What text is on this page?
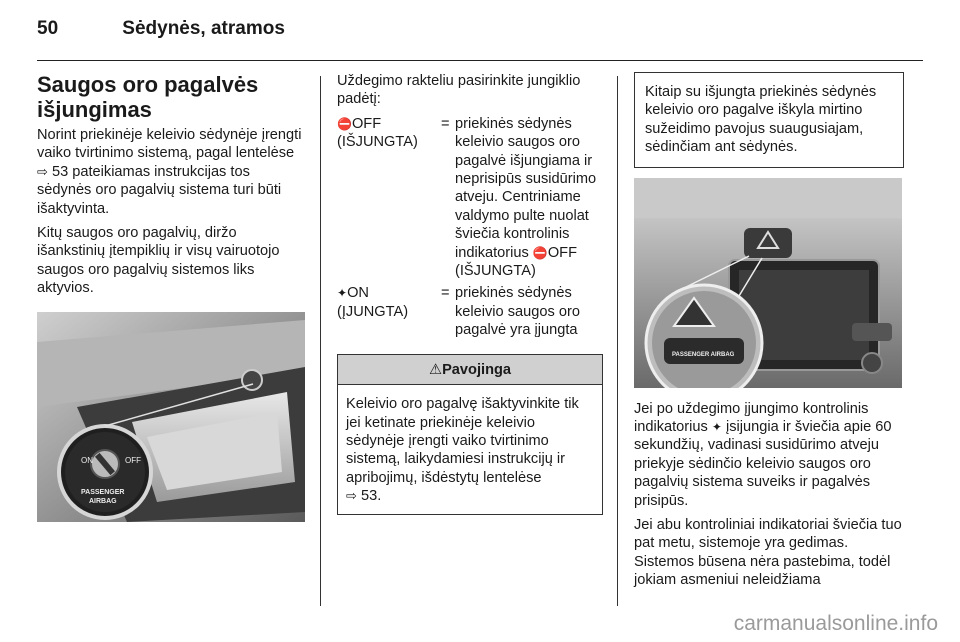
50	Sėdynės, atramos
Saugos oro pagalvės išjungimas

Norint priekinėje keleivio sėdynėje įrengti vaiko tvirtinimo sistemą, pagal lentelėse ⇨ 53 pateikiamas instrukcijas tos sėdynės oro pagalvių sistema turi būti išaktyvinta.

Kitų saugos oro pagalvių, diržo išankstinių įtempiklių ir visų vairuotojo saugos oro pagalvių sistemos liks aktyvios.

ON	OFF
PASSENGER
AIRBAG

Uždegimo rakteliu pasirinkite jungiklio padėtį:

⛔OFF
(IŠJUNGTA)
= priekinės sėdynės keleivio saugos oro pagalvė išjungiama ir neprisipūs susidūrimo atveju. Centriniame valdymo pulte nuolat šviečia kontrolinis indikatorius ⛔OFF (IŠJUNGTA)
✦ON
(ĮJUNGTA)
= priekinės sėdynės keleivio saugos oro pagalvė yra įjungta
⚠Pavojinga
Keleivio oro pagalvę išaktyvinkite tik jei ketinate priekinėje keleivio sėdynėje įrengti vaiko tvirtinimo sistemą, laikydamiesi instrukcijų ir apribojimų, išdėstytų lentelėse
⇨ 53.
Kitaip su išjungta priekinės sėdynės keleivio oro pagalve iškyla mirtino sužeidimo pavojus suaugusiajam, sėdinčiam ant sėdynės.
PASSENGER AIRBAG

Jei po uždegimo įjungimo kontrolinis indikatorius ✦ įsijungia ir šviečia apie 60 sekundžių, vadinasi susidūrimo atveju priekyje sėdinčio keleivio saugos oro pagalvių sistema suveiks ir pagalvės prisipūs.

Jei abu kontroliniai indikatoriai šviečia tuo pat metu, sistemoje yra gedimas. Sistemos būsena nėra pastebima, todėl jokiam asmeniui neleidžiama

carmanualsonline.info
